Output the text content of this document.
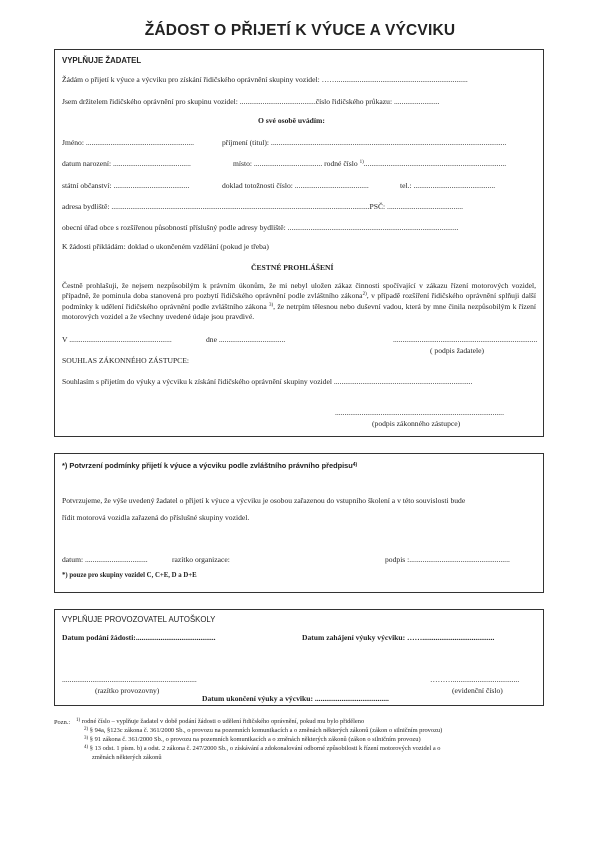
ŽÁDOST O PŘIJETÍ K VÝUCE A VÝCVIKU
VYPLŇUJE ŽADATEL
Žádám o přijetí k výuce a výcviku pro získání řidičského oprávnění skupiny vozidel: …….....................................................................
Jsem držitelem řidičského oprávnění pro skupinu vozidel: ........................................číslo řidičského průkazu: ........................
O své osobě uvádím:
Jméno: .........................................................	příjmení (titul): ............................................................................................................................
datum narození: .........................................	místo: .................................... rodné číslo $^{1)}$...........................................................................
státní občanství: ........................................	doklad totožnosti číslo: .......................................	tel.: ...........................................
adresa bydliště: ........................................................................................................................................PSČ: ........................................
obecní úřad obce s rozšířenou působností příslušný podle adresy bydliště: ..........................................................................................
K žádosti přikládám: doklad o ukončeném vzdělání (pokud je třeba)
ČESTNÉ PROHLÁŠENÍ
Čestně prohlašuji, že nejsem nezpůsobilým k právním úkonům, že mi nebyl uložen zákaz činnosti spočívající v zákazu řízení motorových vozidel, případně, že pominula doba stanovená pro pozbytí řidičského oprávnění podle zvláštního zákona$^{2)}$, v případě rozšíření řidičského oprávnění splňuji další podmínky k udělení řidičského oprávnění podle zvláštního zákona $^{3)}$, že netrpím tělesnou nebo duševní vadou, která by mne činila nezpůsobilým k řízení motorových vozidel a že všechny uvedené údaje jsou pravdivé.
V ......................................................	dne ...................................	............................................................................
( podpis žadatele)
SOUHLAS ZÁKONNÉHO ZÁSTUPCE:
Souhlasím s přijetím do výuky a výcviku k získání řidičského oprávnění skupiny vozidel .........................................................................
.........................................................................................
(podpis zákonného zástupce)
*) Potvrzení podmínky přijetí k výuce a výcviku podle zvláštního právního předpisu$^{4)}$
Potvrzujeme, že výše uvedený žadatel o přijetí k výuce a výcviku je osobou zařazenou do vstupního školení a v této souvislosti bude
řídit motorová vozidla zařazená do příslušné skupiny vozidel.
datum: .................................	razítko organizace:	podpis :.....................................................
*) pouze pro skupiny vozidel C, C+E, D a D+E
VYPLŇUJE PROVOZOVATEL AUTOŠKOLY
Datum podání žádosti:..........................................	Datum zahájení výuky výcviku: ……......................................
.......................................................................	………...................................
(razítko provozovny)	(evidenční číslo)
Datum ukončení výuky a výcviku: .......................................
Pozn.: $^{1)}$ rodné číslo – vyplňuje žadatel v době podání žádosti o udělení řidičského oprávnění, pokud mu bylo přiděleno
$^{2)}$ § 94a, §123c zákona č. 361/2000 Sb., o provozu na pozemních komunikacích a o změnách některých zákonů (zákon o silničním provozu)
$^{3)}$ § 91 zákona č. 361/2000 Sb., o provozu na pozemních komunikacích a o změnách některých zákonů (zákon o silničním provozu)
$^{4)}$ § 13 odst. 1 písm. b) a odst. 2 zákona č. 247/2000 Sb., o získávání a zdokonalování odborné způsobilosti k řízení motorových vozidel a o
změnách některých zákonů
